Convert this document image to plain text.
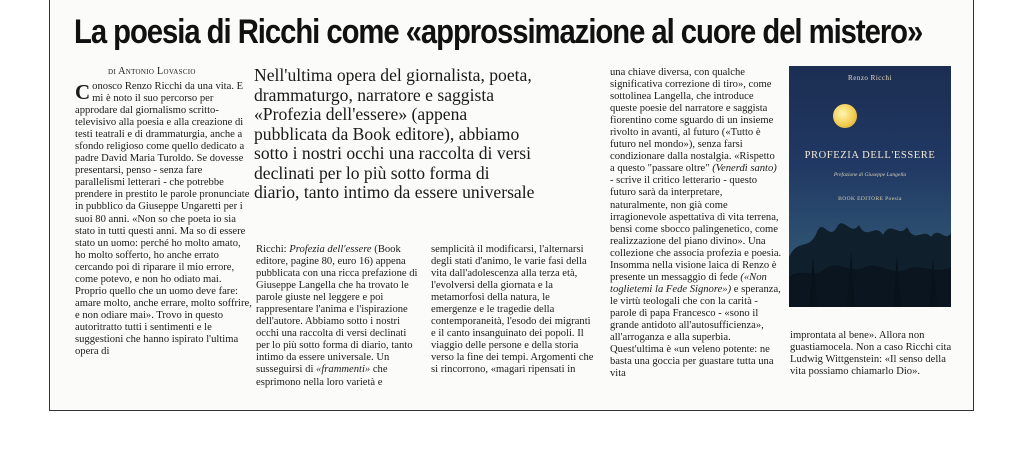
La poesia di Ricchi come «approssimazione al cuore del mistero»
di Antonio Lovascio

Conosco Renzo Ricchi da una vita. E mi è noto il suo percorso per approdare dal giornalismo scritto-televisivo alla poesia e alla creazione di testi teatrali e di drammaturgia, anche a sfondo religioso come quello dedicato a padre David Maria Turoldo. Se dovesse presentarsi, penso - senza fare parallelismi letterari - che potrebbe prendere in prestito le parole pronunciate in pubblico da Giuseppe Ungaretti per i suoi 80 anni. «Non so che poeta io sia stato in tutti questi anni. Ma so di essere stato un uomo: perché ho molto amato, ho molto sofferto, ho anche errato cercando poi di riparare il mio errore, come potevo, e non ho odiato mai. Proprio quello che un uomo deve fare: amare molto, anche errare, molto soffrire, e non odiare mai». Trovo in questo autoritratto tutti i sentimenti e le suggestioni che hanno ispirato l'ultima opera di

Nell'ultima opera del giornalista, poeta, drammaturgo, narratore e saggista «Profezia dell'essere» (appena pubblicata da Book editore), abbiamo sotto i nostri occhi una raccolta di versi declinati per lo più sotto forma di diario, tanto intimo da essere universale

Ricchi: Profezia dell'essere (Book editore, pagine 80, euro 16) appena pubblicata con una ricca prefazione di Giuseppe Langella che ha trovato le parole giuste nel leggere e poi rappresentare l'anima e l'ispirazione dell'autore. Abbiamo sotto i nostri occhi una raccolta di versi declinati per lo più sotto forma di diario, tanto intimo da essere universale. Un susseguirsi di «frammenti» che esprimono nella loro varietà e
semplicità il modificarsi, l'alternarsi degli stati d'animo, le varie fasi della vita dall'adolescenza alla terza età, l'evolversi della giornata e la metamorfosi della natura, le emergenze e le tragedie della contemporaneità, l'esodo dei migranti e il canto insanguinato dei popoli. Il viaggio delle persone e della storia verso la fine dei tempi. Argomenti che si rincorrono, «magari ripensati in
una chiave diversa, con qualche significativa correzione di tiro», come sottolinea Langella, che introduce queste poesie del narratore e saggista fiorentino come sguardo di un insieme rivolto in avanti, al futuro («Tutto è futuro nel mondo»), senza farsi condizionare dalla nostalgia. «Rispetto a questo "passare oltre" (Venerdì santo) - scrive il critico letterario - questo futuro sarà da interpretare, naturalmente, non già come irragionevole aspettativa di vita terrena, bensì come sbocco palingenetico, come realizzazione del piano divino». Una collezione che associa profezia e poesia. Insomma nella visione laica di Renzo è presente un messaggio di fede («Non toglietemi la Fede Signore») e speranza, le virtù teologali che con la carità - parole di papa Francesco - «sono il grande antidoto all'autosufficienza», all'arroganza e alla superbia. Quest'ultima è «un veleno potente: ne basta una goccia per guastare tutta una vita
improntata al bene». Allora non guastiamocela. Non a caso Ricchi cita Ludwig Wittgenstein: «Il senso della vita possiamo chiamarlo Dio».
Renzo Ricchi
PROFEZIA DELL'ESSERE
Prefazione di Giuseppe Langella
BOOK EDITORE Poesia
